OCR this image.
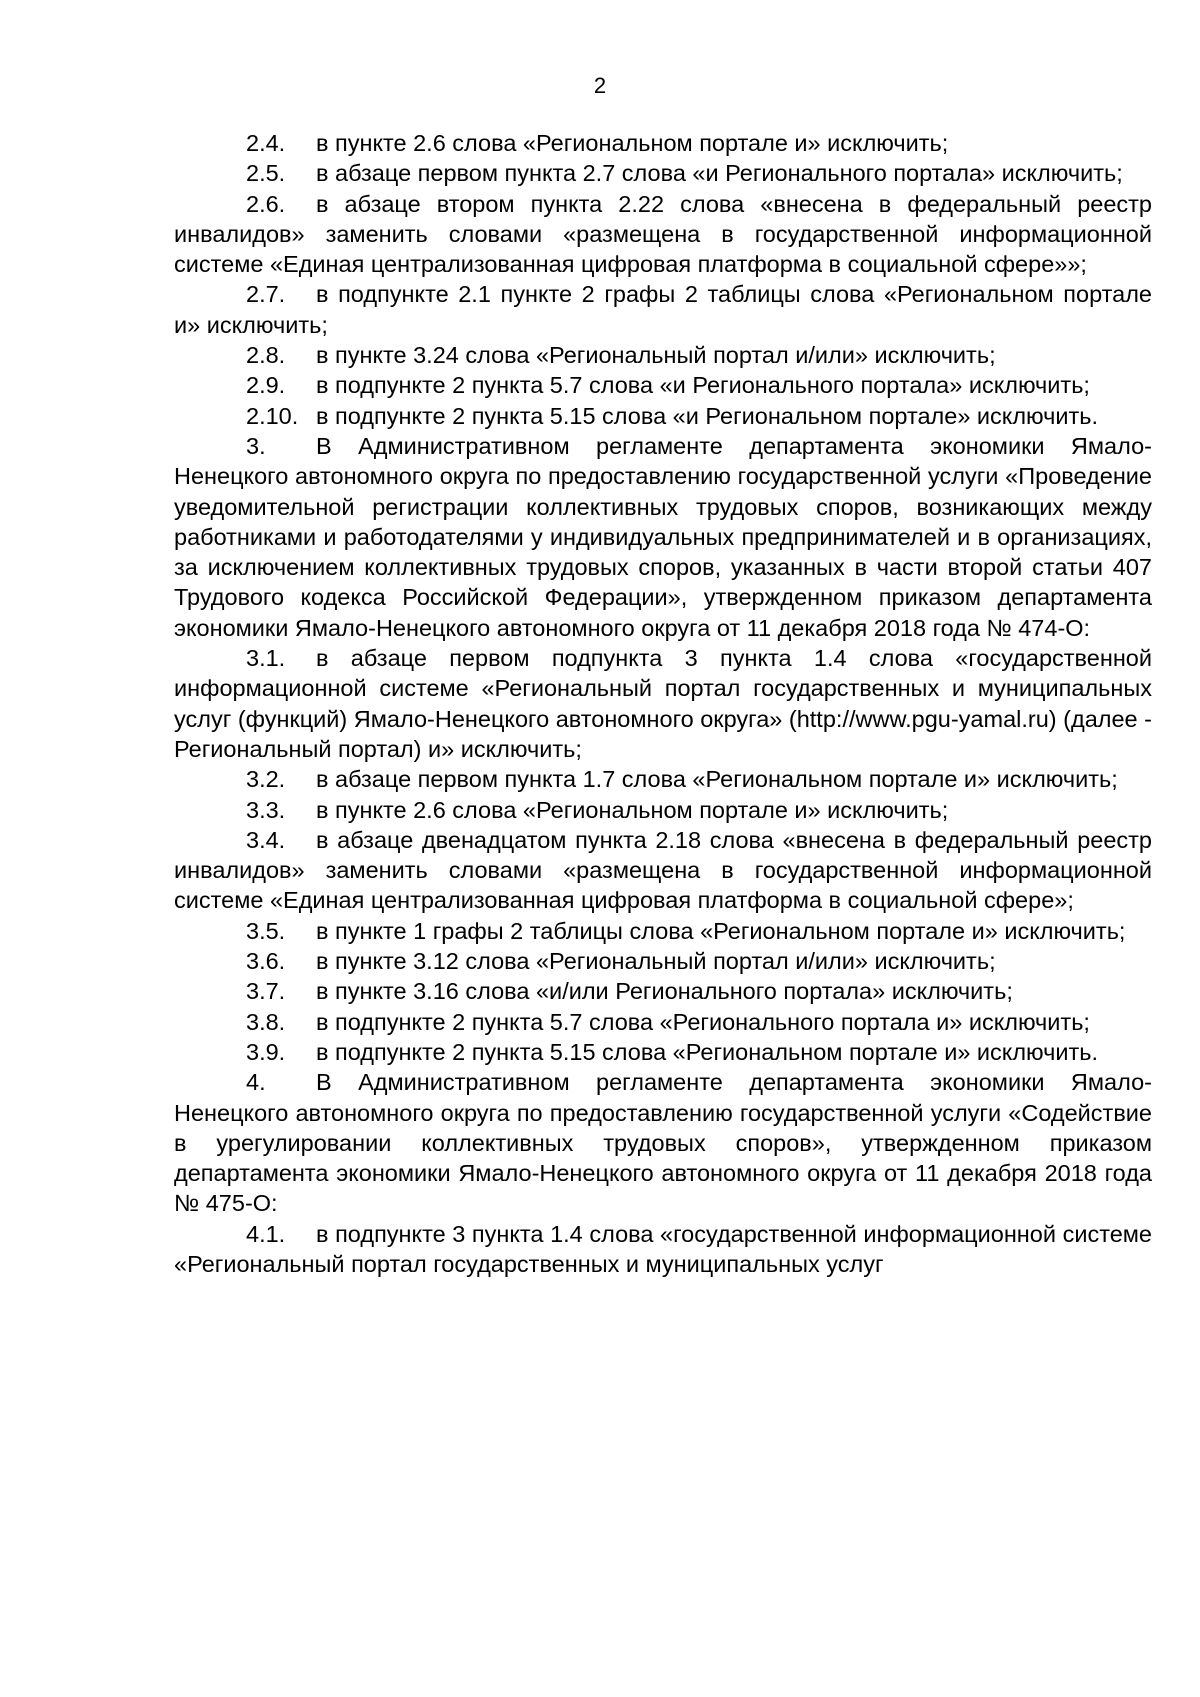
2

2.4. в пункте 2.6 слова «Региональном портале и» исключить;

2.5. в абзаце первом пункта 2.7 слова «и Регионального портала» исключить;

2.6. в абзаце втором пункта 2.22 слова «внесена в федеральный реестр инвалидов» заменить словами «размещена в государственной информационной системе «Единая централизованная цифровая платформа в социальной сфере»»;

2.7. в подпункте 2.1 пункте 2 графы 2 таблицы слова «Региональном портале и» исключить;

2.8. в пункте 3.24 слова «Региональный портал и/или» исключить;

2.9. в подпункте 2 пункта 5.7 слова «и Регионального портала» исключить;

2.10. в подпункте 2 пункта 5.15 слова «и Региональном портале» исключить.

3. В Административном регламенте департамента экономики Ямало-Ненецкого автономного округа по предоставлению государственной услуги «Проведение уведомительной регистрации коллективных трудовых споров, возникающих между работниками и работодателями у индивидуальных предпринимателей и в организациях, за исключением коллективных трудовых споров, указанных в части второй статьи 407 Трудового кодекса Российской Федерации», утвержденном приказом департамента экономики Ямало-Ненецкого автономного округа от 11 декабря 2018 года № 474-О:

3.1. в абзаце первом подпункта 3 пункта 1.4 слова «государственной информационной системе «Региональный портал государственных и муниципальных услуг (функций) Ямало-Ненецкого автономного округа» (http://www.pgu-yamal.ru) (далее - Региональный портал) и» исключить;

3.2. в абзаце первом пункта 1.7 слова «Региональном портале и» исключить;

3.3. в пункте 2.6 слова «Региональном портале и» исключить;

3.4. в абзаце двенадцатом пункта 2.18 слова «внесена в федеральный реестр инвалидов» заменить словами «размещена в государственной информационной системе «Единая централизованная цифровая платформа в социальной сфере»;

3.5. в пункте 1 графы 2 таблицы слова «Региональном портале и» исключить;

3.6. в пункте 3.12 слова «Региональный портал и/или» исключить;

3.7. в пункте 3.16 слова «и/или Регионального портала» исключить;

3.8. в подпункте 2 пункта 5.7 слова «Регионального портала и» исключить;

3.9. в подпункте 2 пункта 5.15 слова «Региональном портале и» исключить.

4. В Административном регламенте департамента экономики Ямало-Ненецкого автономного округа по предоставлению государственной услуги «Содействие в урегулировании коллективных трудовых споров», утвержденном приказом департамента экономики Ямало-Ненецкого автономного округа от 11 декабря 2018 года № 475-О:

4.1. в подпункте 3 пункта 1.4 слова «государственной информационной системе «Региональный портал государственных и муниципальных услуг
